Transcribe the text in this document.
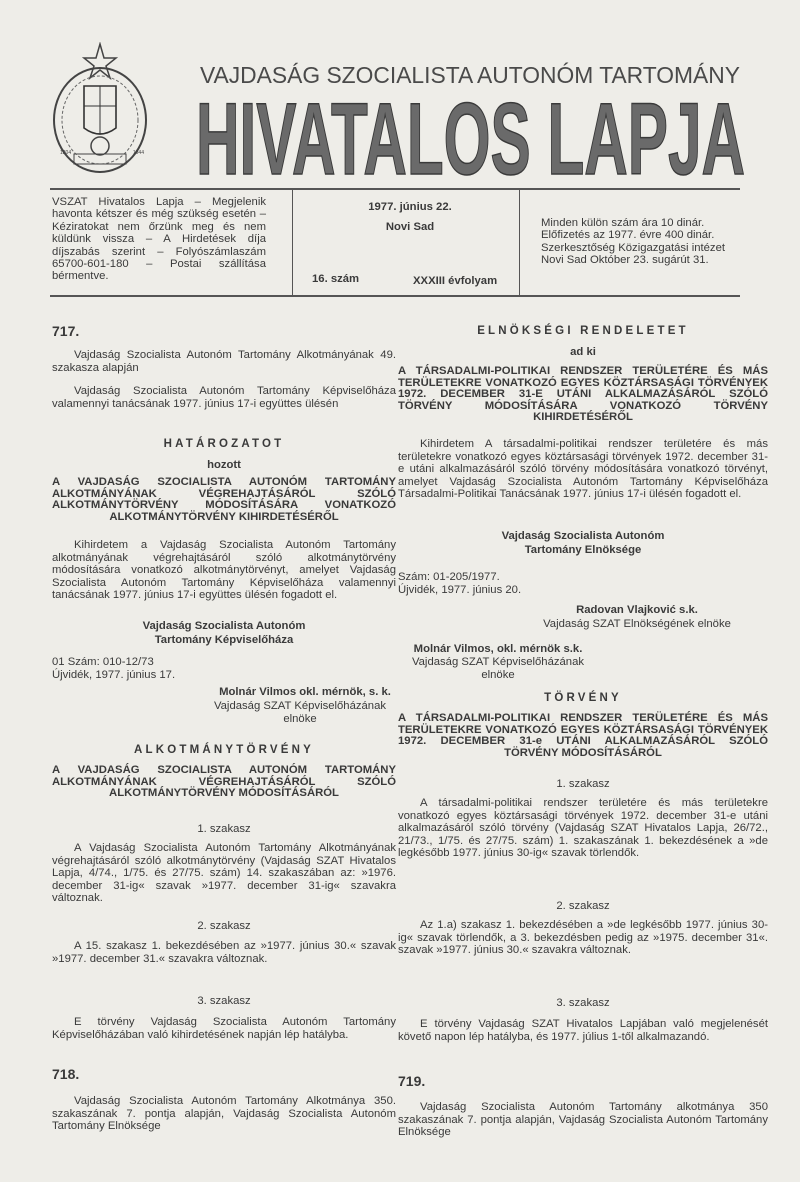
1804	1944
VAJDASÁG SZOCIALISTA AUTONÓM TARTOMÁNY
HIVATALOS LAPJA
VSZAT Hivatalos Lapja – Megjelenik havonta kétszer és még szükség esetén – Kéziratokat nem őrzünk meg és nem küldünk vissza – A Hirdetések díja díjszabás szerint – Folyószámlaszám 65700-601-180 – Postai szállítása bérmentve.
1977. június 22.
Novi Sad
16. szám	XXXIII évfolyam
Minden külön szám ára 10 dinár.
Előfizetés az 1977. évre 400 dinár.
Szerkesztőség Közigazgatási intézet
Novi Sad Október 23. sugárút 31.
717.

Vajdaság Szocialista Autonóm Tartomány Alkotmányának 49. szakasza alapján

Vajdaság Szocialista Autonóm Tartomány Képviselőháza valamennyi tanácsának 1977. június 17-i együttes ülésén

HATÁROZATOT
hozott
A VAJDASÁG SZOCIALISTA AUTONÓM TARTOMÁNY ALKOTMÁNYÁNAK VÉGREHAJTÁSÁRÓL SZÓLÓ ALKOTMÁNYTÖRVÉNY MÓDOSÍTÁSÁRA VONATKOZÓ ALKOTMÁNYTÖRVÉNY KIHIRDETÉSÉRŐL

Kihirdetem a Vajdaság Szocialista Autonóm Tartomány alkotmányának végrehajtásáról szóló alkotmánytörvény módosítására vonatkozó alkotmánytörvényt, amelyet Vajdaság Szocialista Autonóm Tartomány Képviselőháza valamennyi tanácsának 1977. június 17-i együttes ülésén fogadott el.

Vajdaság Szocialista Autonóm
Tartomány Képviselőháza
01 Szám: 010-12/73
Újvidék, 1977. június 17.
Molnár Vilmos okl. mérnök, s. k.
Vajdaság SZAT Képviselőházának
elnöke
ALKOTMÁNYTÖRVÉNY
A VAJDASÁG SZOCIALISTA AUTONÓM TARTOMÁNY ALKOTMÁNYÁNAK VÉGREHAJTÁSÁRÓL SZÓLÓ ALKOTMÁNYTÖRVÉNY MÓDOSÍTÁSÁRÓL
1. szakasz

A Vajdaság Szocialista Autonóm Tartomány Alkotmányának végrehajtásáról szóló alkotmánytörvény (Vajdaság SZAT Hivatalos Lapja, 4/74., 1/75. és 27/75. szám) 14. szakaszában az: »1976. december 31-ig« szavak »1977. december 31-ig« szavakra változnak.

2. szakasz

A 15. szakasz 1. bekezdésében az »1977. június 30.« szavak »1977. december 31.« szavakra változnak.

3. szakasz

E törvény Vajdaság Szocialista Autonóm Tartomány Képviselőházában való kihirdetésének napján lép hatályba.

718.

Vajdaság Szocialista Autonóm Tartomány Alkotmánya 350. szakaszának 7. pontja alapján, Vajdaság Szocialista Autonóm Tartomány Elnöksége

ELNÖKSÉGI RENDELETET
ad ki
A TÁRSADALMI-POLITIKAI RENDSZER TERÜLETÉRE ÉS MÁS TERÜLETEKRE VONATKOZÓ EGYES KÖZTÁRSASÁGI TÖRVÉNYEK 1972. DECEMBER 31-E UTÁNI ALKALMAZÁSÁRÓL SZÓLÓ TÖRVÉNY MÓDOSÍTÁSÁRA VONATKOZÓ TÖRVÉNY KIHIRDETÉSÉRŐL

Kihirdetem A társadalmi-politikai rendszer területére és más területekre vonatkozó egyes köztársasági törvények 1972. december 31-e utáni alkalmazásáról szóló törvény módosítására vonatkozó törvényt, amelyet Vajdaság Szocialista Autonóm Tartomány Képviselőháza Társadalmi-Politikai Tanácsának 1977. június 17-i ülésén fogadott el.

Vajdaság Szocialista Autonóm
Tartomány Elnöksége
Szám: 01-205/1977.
Újvidék, 1977. június 20.
Radovan Vlajković s.k.
Vajdaság SZAT Elnökségének elnöke
Molnár Vilmos, okl. mérnök s.k.
Vajdaság SZAT Képviselőházának
elnöke
TÖRVÉNY
A TÁRSADALMI-POLITIKAI RENDSZER TERÜLETÉRE ÉS MÁS TERÜLETEKRE VONATKOZÓ EGYES KÖZTÁRSASÁGI TÖRVÉNYEK 1972. DECEMBER 31-e UTÁNI ALKALMAZÁSÁRÓL SZÓLÓ TÖRVÉNY MÓDOSÍTÁSÁRÓL
1. szakasz

A társadalmi-politikai rendszer területére és más területekre vonatkozó egyes köztársasági törvények 1972. december 31-e utáni alkalmazásáról szóló törvény (Vajdaság SZAT Hivatalos Lapja, 26/72., 21/73., 1/75. és 27/75. szám) 1. szakaszának 1. bekezdésének a »de legkésőbb 1977. június 30-ig« szavak törlendők.

2. szakasz

Az 1.a) szakasz 1. bekezdésében a »de legkésőbb 1977. június 30-ig« szavak törlendők, a 3. bekezdésben pedig az »1975. december 31«. szavak »1977. június 30.« szavakra változnak.

3. szakasz

E törvény Vajdaság SZAT Hivatalos Lapjában való megjelenését követő napon lép hatályba, és 1977. július 1-től alkalmazandó.

719.

Vajdaság Szocialista Autonóm Tartomány alkotmánya 350 szakaszának 7. pontja alapján, Vajdaság Szocialista Autonóm Tartomány Elnöksége
